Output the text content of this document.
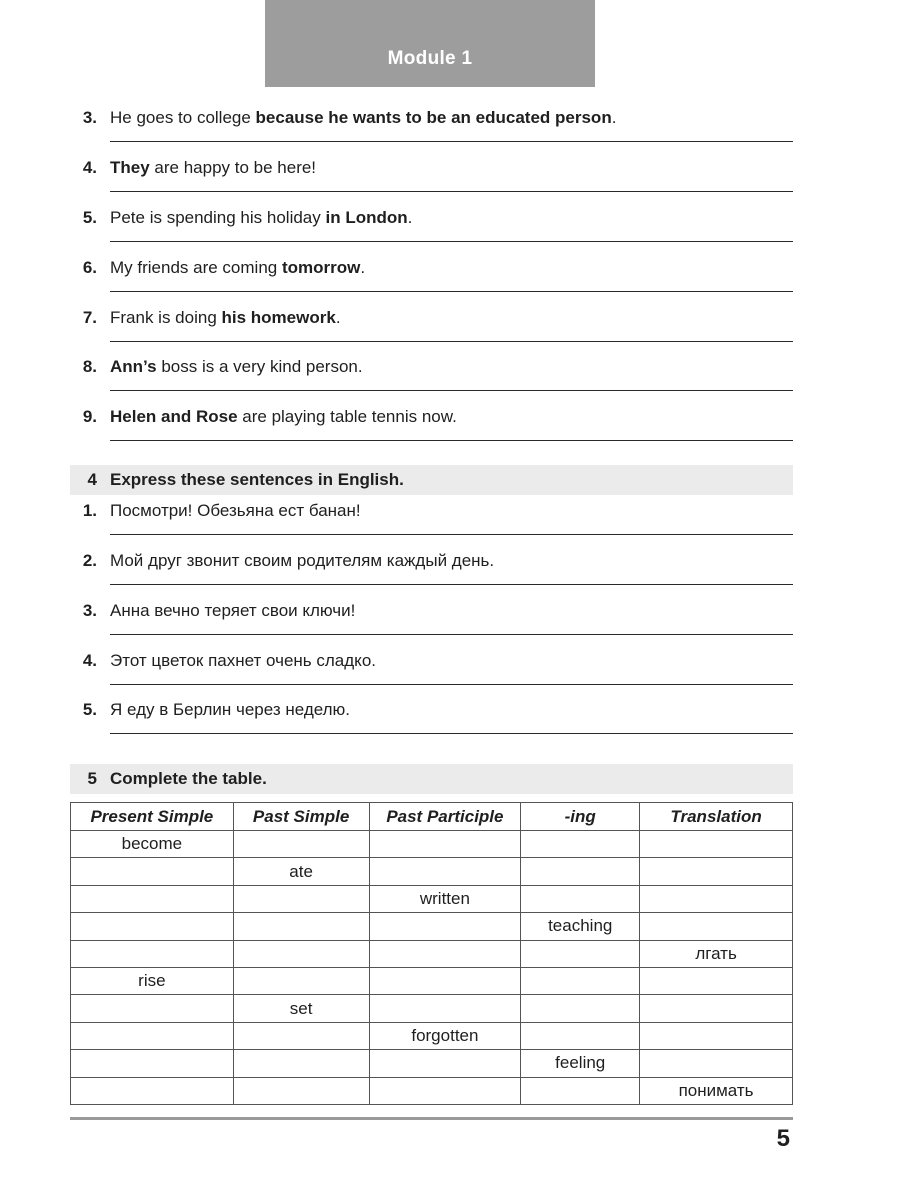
Module 1
4 Express these sentences in English.
5 Complete the table.
Present Simple	Past Simple	Past Participle	-ing	Translation
become				
	ate			
		written		
			teaching	
				лгать
rise				
	set			
		forgotten		
			feeling	
				понимать
5
3. He goes to college because he wants to be an educated person.
4. They are happy to be here!
5. Pete is spending his holiday in London.
6. My friends are coming tomorrow.
7. Frank is doing his homework.
8. Ann’s boss is a very kind person.
9. Helen and Rose are playing table tennis now.
1. Посмотри! Обезьяна ест банан!
2. Мой друг звонит своим родителям каждый день.
3. Анна вечно теряет свои ключи!
4. Этот цветок пахнет очень сладко.
5. Я еду в Берлин через неделю.
